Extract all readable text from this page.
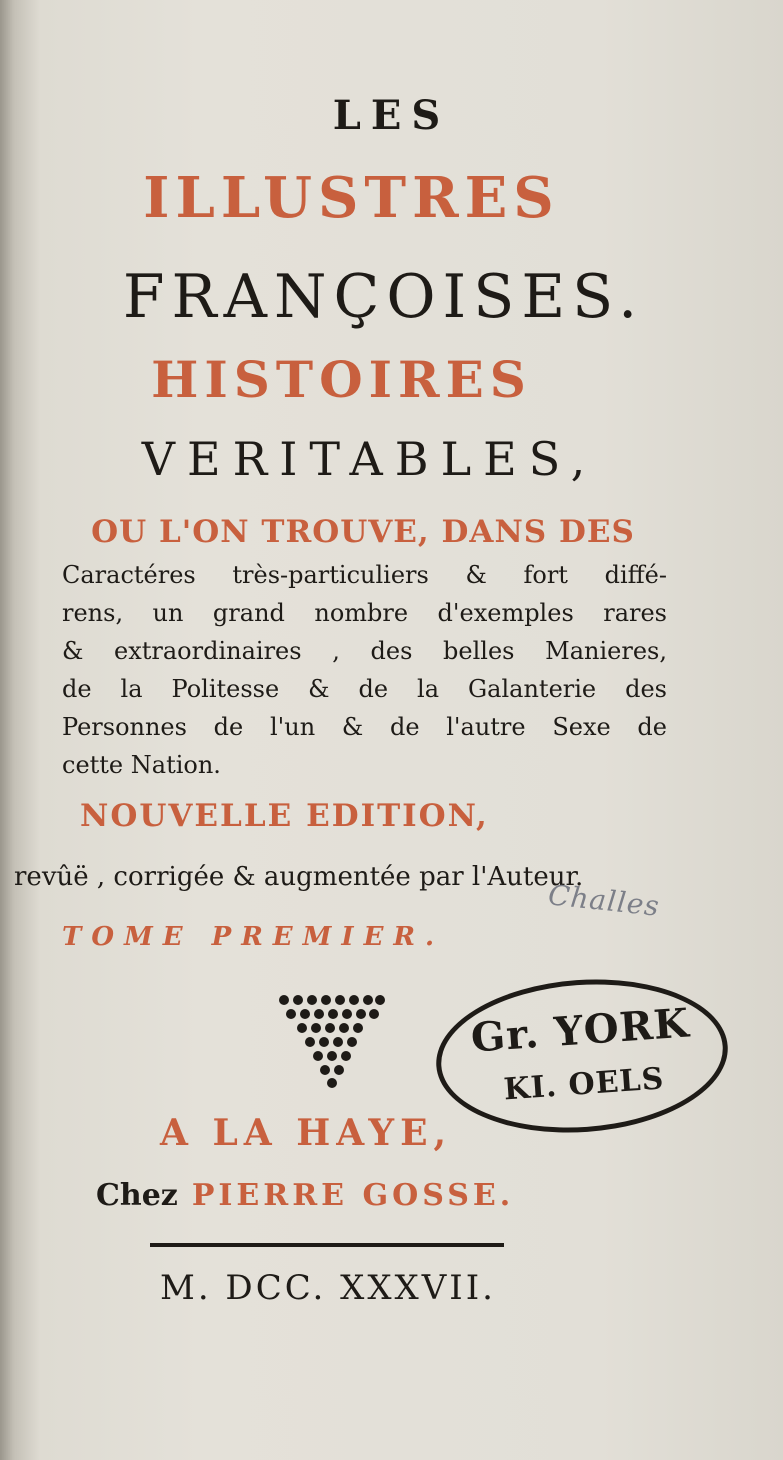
LES
ILLUSTRES
FRANÇOISES.
HISTOIRES
VERITABLES,
OU L'ON TROUVE, DANS DES
Caractéres très-particuliers & fort diffé-
rens, un grand nombre d'exemples rares
& extraordinaires , des belles Manieres,
de la Politesse & de la Galanterie des
Personnes de l'un & de l'autre Sexe de
cette Nation.
NOUVELLE EDITION,
revûë , corrigée & augmentée par l'Auteur.
Challes
TOME PREMIER.
Gr. YORK
KI. OELS
A LA HAYE,
Chez PIERRE GOSSE.
M. DCC. XXXVII.
